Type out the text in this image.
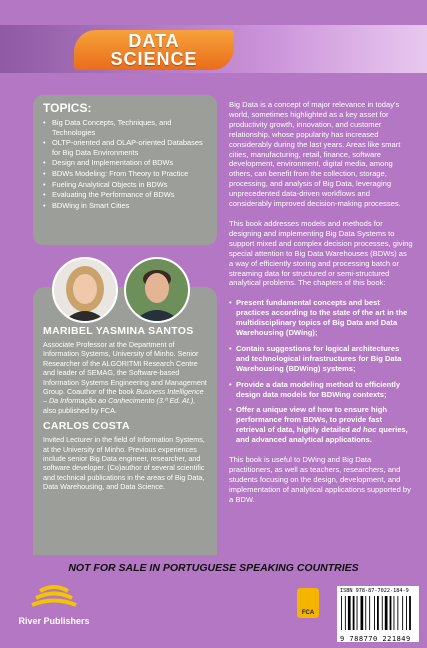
DATA
SCIENCE
TOPICS:
• Big Data Concepts, Techniques, and Technologies
• OLTP-oriented and OLAP-oriented Databases for Big Data Environments
• Design and Implementation of BDWs
• BDWs Modeling: From Theory to Practice
• Fueling Analytical Objects in BDWs
• Evaluating the Performance of BDWs
• BDWing in Smart Cities
MARIBEL YASMINA SANTOS

Associate Professor at the Department of Information Systems, University of Minho. Senior Researcher of the ALGORITMI Research Centre and leader of SEMAG, the Software-based Information Systems Engineering and Management Group. Coauthor of the book Business Intelligence – Da Informação ao Conhecimento (3.ª Ed. At.), also published by FCA.

CARLOS COSTA

Invited Lecturer in the field of Information Systems, at the University of Minho. Previous experiences include senior Big Data engineer, researcher, and software developer. (Co)author of several scientific and technical publications in the areas of Big Data, Data Warehousing, and Data Science.

Big Data is a concept of major relevance in today's world, sometimes highlighted as a key asset for productivity growth, innovation, and customer relationship, whose popularity has increased considerably during the last years. Areas like smart cities, manufacturing, retail, finance, software development, environment, digital media, among others, can benefit from the collection, storage, processing, and analysis of Big Data, leveraging unprecedented data-driven workflows and considerably improved decision-making processes.

This book addresses models and methods for designing and implementing Big Data Systems to support mixed and complex decision processes, giving special attention to Big Data Warehouses (BDWs) as a way of efficiently storing and processing batch or streaming data for structured or semi-structured analytical problems. The chapters of this book:

• Present fundamental concepts and best practices according to the state of the art in the multidisciplinary topics of Big Data and Data Warehousing (DWing);
• Contain suggestions for logical architectures and technological infrastructures for Big Data Warehousing (BDWing) systems;
• Provide a data modeling method to efficiently design data models for BDWing contexts;
• Offer a unique view of how to ensure high performance from BDWs, to provide fast retrieval of data, highly detailed ad hoc queries, and advanced analytical applications.

This book is useful to DWing and Big Data practitioners, as well as teachers, researchers, and students focusing on the design, development, and implementation of analytical applications supported by a BDW.

NOT FOR SALE IN PORTUGUESE SPEAKING COUNTRIES
River Publishers
FCA
ISBN 978-87-7022-184-9
9 788770 221849
